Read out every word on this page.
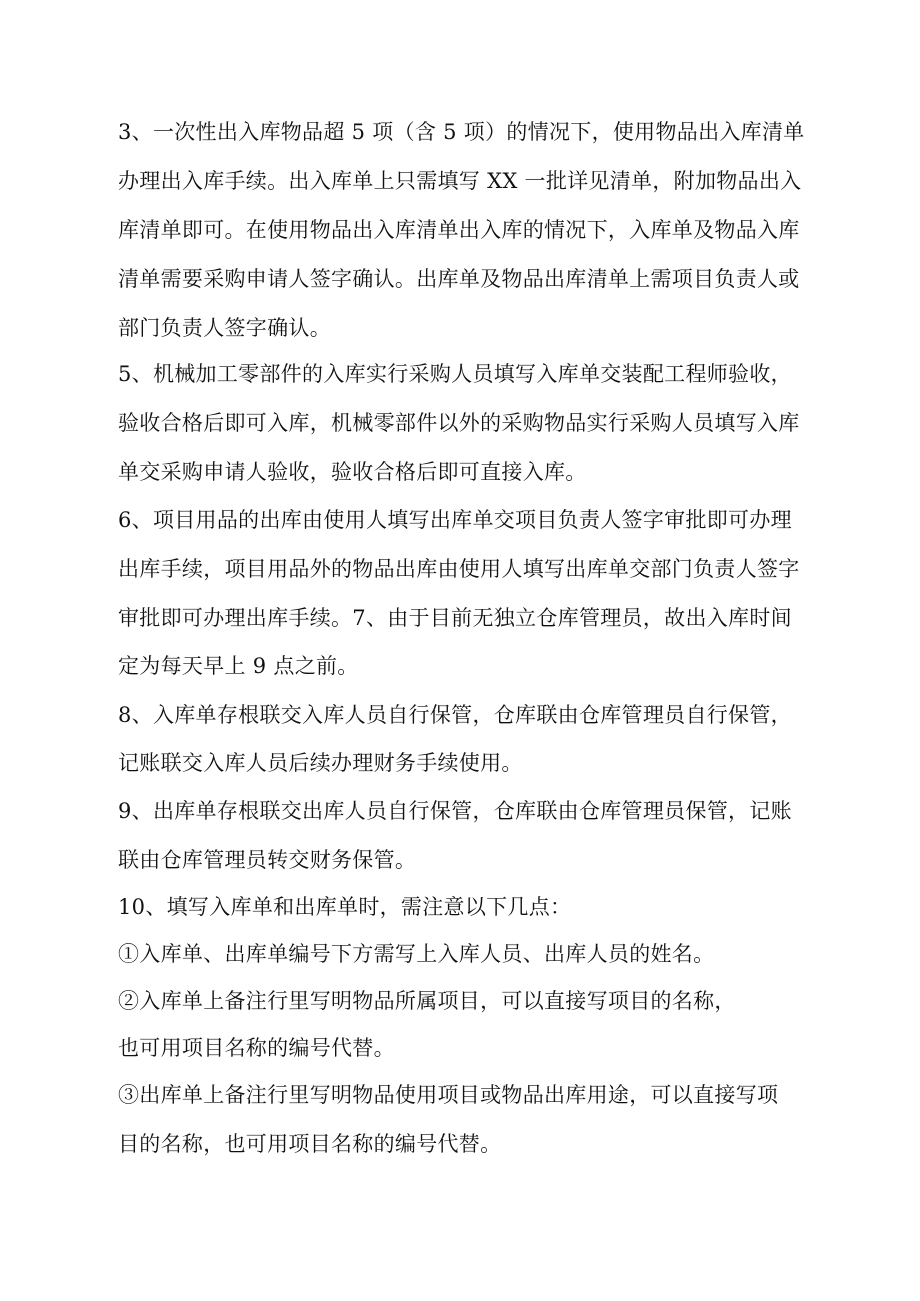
3、一次性出入库物品超 5 项（含 5 项）的情况下，使用物品出入库清单
办理出入库手续。出入库单上只需填写 XX 一批详见清单，附加物品出入
库清单即可。在使用物品出入库清单出入库的情况下，入库单及物品入库
清单需要采购申请人签字确认。出库单及物品出库清单上需项目负责人或
部门负责人签字确认。
5、机械加工零部件的入库实行采购人员填写入库单交装配工程师验收，
验收合格后即可入库，机械零部件以外的采购物品实行采购人员填写入库
单交采购申请人验收，验收合格后即可直接入库。
6、项目用品的出库由使用人填写出库单交项目负责人签字审批即可办理
出库手续，项目用品外的物品出库由使用人填写出库单交部门负责人签字
审批即可办理出库手续。7、由于目前无独立仓库管理员，故出入库时间
定为每天早上 9 点之前。
8、入库单存根联交入库人员自行保管，仓库联由仓库管理员自行保管，
记账联交入库人员后续办理财务手续使用。
9、出库单存根联交出库人员自行保管，仓库联由仓库管理员保管，记账
联由仓库管理员转交财务保管。
10、填写入库单和出库单时，需注意以下几点：
①入库单、出库单编号下方需写上入库人员、出库人员的姓名。
②入库单上备注行里写明物品所属项目，可以直接写项目的名称，
也可用项目名称的编号代替。
③出库单上备注行里写明物品使用项目或物品出库用途，可以直接写项
目的名称，也可用项目名称的编号代替。
